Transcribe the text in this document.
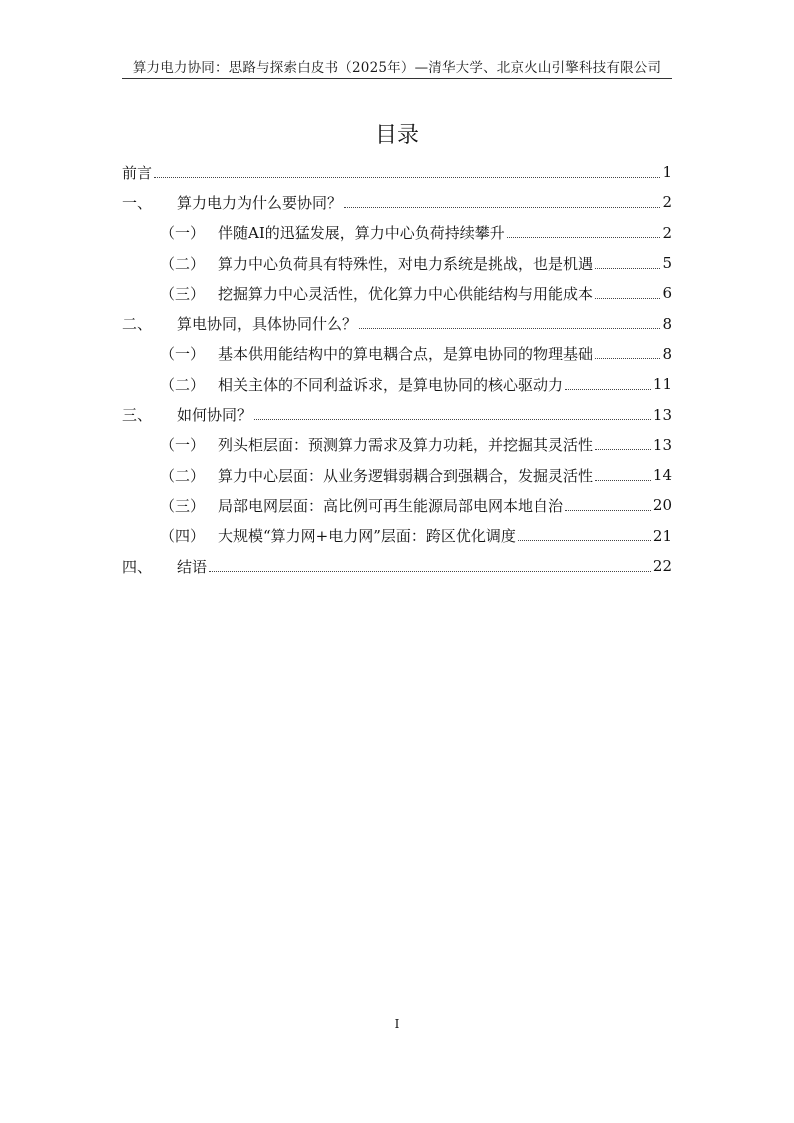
算力电力协同：思路与探索白皮书（2025年）—清华大学、北京火山引擎科技有限公司
目录
前言	1
一、	算力电力为什么要协同？	2
（一） 伴随AI的迅猛发展，算力中心负荷持续攀升	2
（二） 算力中心负荷具有特殊性，对电力系统是挑战，也是机遇	5
（三） 挖掘算力中心灵活性，优化算力中心供能结构与用能成本	6
二、	算电协同，具体协同什么？	8
（一） 基本供用能结构中的算电耦合点，是算电协同的物理基础	8
（二） 相关主体的不同利益诉求，是算电协同的核心驱动力	11
三、	如何协同？	13
（一） 列头柜层面：预测算力需求及算力功耗，并挖掘其灵活性	13
（二） 算力中心层面：从业务逻辑弱耦合到强耦合，发掘灵活性	14
（三） 局部电网层面：高比例可再生能源局部电网本地自治	20
（四） 大规模“算力网+电力网”层面：跨区优化调度	21
四、	结语	22
I
